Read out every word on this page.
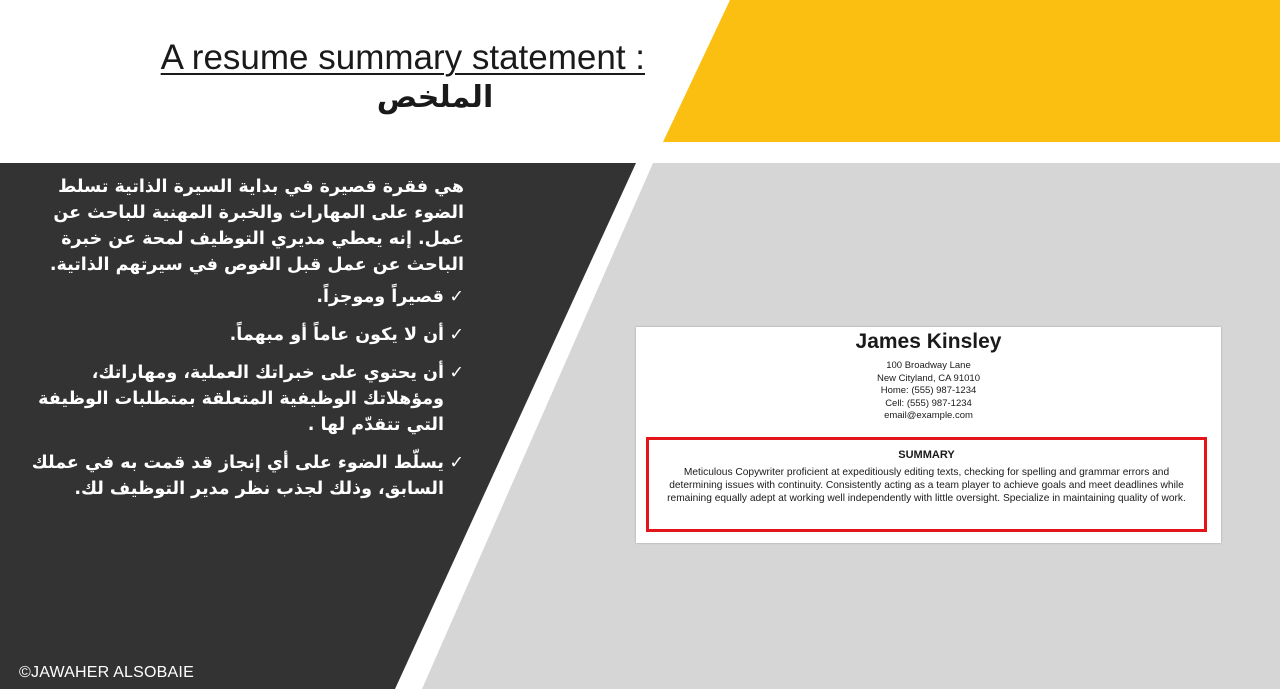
A resume summary statement :
الملخص

هي فقرة قصيرة في بداية السيرة الذاتية تسلط الضوء على المهارات والخبرة المهنية للباحث عن عمل. إنه يعطي مديري التوظيف لمحة عن خبرة الباحث عن عمل قبل الغوص في سيرتهم الذاتية.

✓
قصيراً وموجزاً.
✓
أن لا يكون عاماً أو مبهماً.
✓
أن يحتوي على خبراتك العملية، ومهاراتك، ومؤهلاتك الوظيفية المتعلقة بمتطلبات الوظيفة التي تتقدّم لها .
✓
يسلّط الضوء على أي إنجاز قد قمت به في عملك السابق، وذلك لجذب نظر مدير التوظيف لك.
James Kinsley
100 Broadway Lane
New Cityland, CA 91010
Home: (555) 987-1234
Cell: (555) 987-1234
email@example.com
SUMMARY
Meticulous Copywriter proficient at expeditiously editing texts, checking for spelling and grammar errors and determining issues with continuity. Consistently acting as a team player to achieve goals and meet deadlines while remaining equally adept at working well independently with little oversight. Specialize in maintaining quality of work.
©JAWAHER ALSOBAIE
